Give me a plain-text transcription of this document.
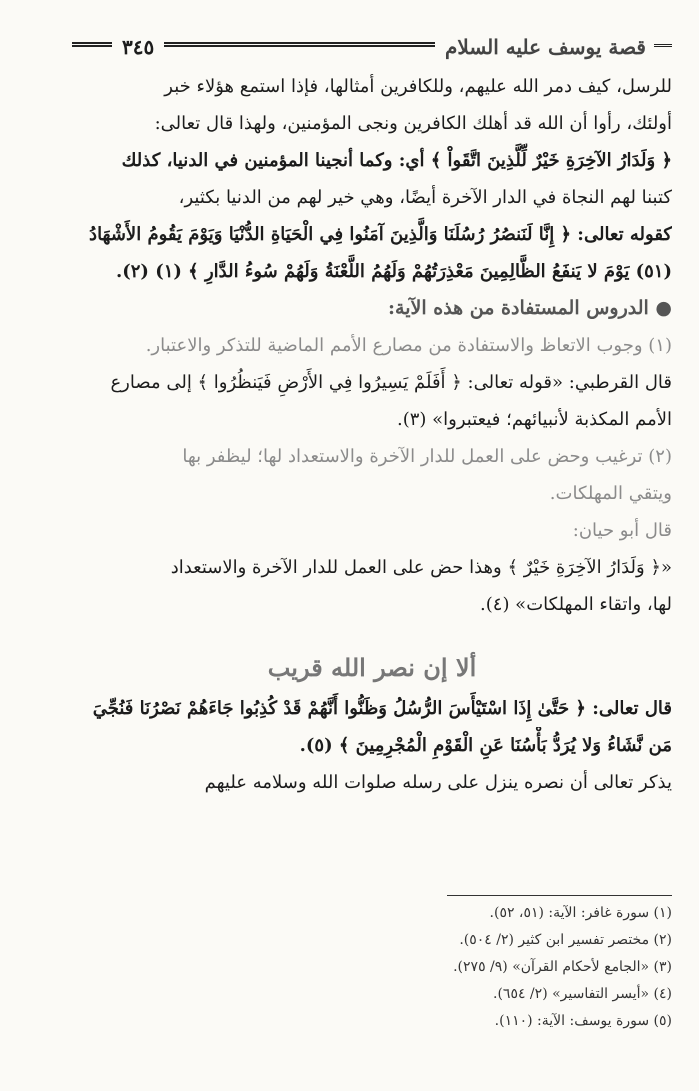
قصة يوسف عليه السلام
٣٤٥
للرسل، كيف دمر الله عليهم، وللكافرين أمثالها، فإذا استمع هؤلاء خبر
أولئك، رأوا أن الله قد أهلك الكافرين ونجى المؤمنين، ولهذا قال تعالى:
﴿ وَلَدَارُ الآخِرَةِ خَيْرٌ لِّلَّذِينَ اتَّقَواْ ﴾ أي: وكما أنجينا المؤمنين في الدنيا، كذلك
كتبنا لهم النجاة في الدار الآخرة أيضًا، وهي خير لهم من الدنيا بكثير،
كقوله تعالى: ﴿ إِنَّا لَنَنصُرُ رُسُلَنَا وَالَّذِينَ آمَنُوا فِي الْحَيَاةِ الدُّنْيَا وَيَوْمَ يَقُومُ الأَشْهَادُ
(٥١) يَوْمَ لا يَنفَعُ الظَّالِمِينَ مَعْذِرَتُهُمْ وَلَهُمُ اللَّعْنَةُ وَلَهُمْ سُوءُ الدَّارِ ﴾ (١) (٢).
● الدروس المستفادة من هذه الآية:
(١) وجوب الاتعاظ والاستفادة من مصارع الأمم الماضية للتذكر والاعتبار.
قال القرطبي: «قوله تعالى: ﴿ أَفَلَمْ يَسِيرُوا فِي الأَرْضِ فَيَنظُرُوا ﴾ إلى مصارع
الأمم المكذبة لأنبيائهم؛ فيعتبروا» (٣).
(٢) ترغيب وحض على العمل للدار الآخرة والاستعداد لها؛ ليظفر بها
ويتقي المهلكات.
قال أبو حيان:
«﴿ وَلَدَارُ الآخِرَةِ خَيْرٌ ﴾ وهذا حض على العمل للدار الآخرة والاستعداد
لها، واتقاء المهلكات» (٤).
ألا إن نصر الله قريب
قال تعالى: ﴿ حَتَّىٰ إِذَا اسْتَيْأَسَ الرُّسُلُ وَظَنُّوا أَنَّهُمْ قَدْ كُذِبُوا جَاءَهُمْ نَصْرُنَا فَنُجِّيَ
مَن نَّشَاءُ وَلا يُرَدُّ بَأْسُنَا عَنِ الْقَوْمِ الْمُجْرِمِينَ ﴾ (٥).
يذكر تعالى أن نصره ينزل على رسله صلوات الله وسلامه عليهم
(١) سورة غافر: الآية: (٥١، ٥٢).
(٢) مختصر تفسير ابن كثير (٢/ ٥٠٤).
(٣) «الجامع لأحكام القرآن» (٩/ ٢٧٥).
(٤) «أيسر التفاسير» (٢/ ٦٥٤).
(٥) سورة يوسف: الآية: (١١٠).
